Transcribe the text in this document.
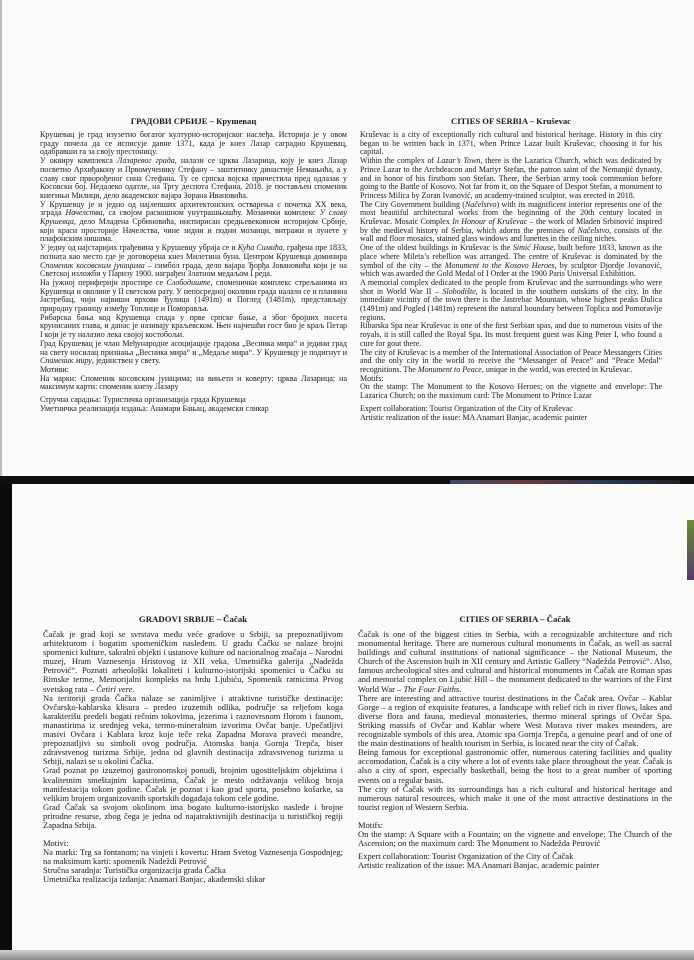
ГРАДОВИ СРБИЈЕ – Крушевац

Крушевац је град изузетно богатог културно-историјског наслеђа. Историја је у овом граду почела да се исписује давне 1371, када је кнез Лазар саградио Крушевац, одабравши га за своју престоницу.

У оквиру комплекса Лазаревог града, налази се црква Лазарица, коју је кнез Лазар посветио Архиђакону и Првомученику Стефану – заштитнику династије Немањића, а у славу свог прворођеног сина Стефана. Ту се српска војска причестила пред одлазак у Косовски бој. Недалеко одатле, на Тргу деспота Стефана, 2018. је постављен споменик кнегињи Милици, дело академског вајара Зорана Ивановића.

У Крушевцу је и једно од најлепших архитектонских остварења с почетка XX века, зграда Начелства, са својом раскошном унутрашњошћу. Мозаички комплекс У славу Крушевца, дело Младена Србиновића, инспирисан средњевековном историјом Србије, који краси просторије Начелства, чине зидни и подни мозаици, витражи и лунете у плафонским нишама.

У једну од најстаријих грађевина у Крушевцу убраја се и Кућа Симића, грађена пре 1833, позната као место где је договорена кнез Милетина буна. Центром Крушевца доминира Споменик косовским јунацима – симбол града, дело вајара Ђорђа Јовановића који је на Светској изложби у Паризу 1900. награђен Златном медаљом I реда.

На јужној периферији простире се Слободиште, споменички комплекс стрељанима из Крушевца и околине у II светском рату. У непосредној околини града налази се и планина Јастребац, чији највиши врхови Ђулица (1491m) и Поглед (1481m), представљају природну границу између Топлице и Поморавља.

Рибарска бања код Крушевца спада у прве српске бање, а због бројних посета крунисаних глава, и данас је називају краљевском. Њен најчешћи гост био је краљ Петар I који је ту налазио лека својој костобољи.

Град Крушевац је члан Међународне асоцијације градова „Весника мира“ и једини град на свету носилац признања „Весника мира“ и „Медаље мира“. У Крушевцу је подигнут и Споменик миру, јединствен у свету.

Мотиви:

На марки: Споменик косовским јунацима; на вињети и коверту: црква Лазарица; на максимум карти: споменик кнезу Лазару

Стручна сарадња: Туристичка организација града Крушевца

Уметничка реализација издања: Анамари Бањац, академски сликар

CITIES OF SERBIA – Kruševac

Kruševac is a city of exceptionally rich cultural and historical heritage. History in this city began to be written back in 1371, when Prince Lazar built Kruševac, choosing it for his capital.

Within the complex of Lazar’s Town, there is the Lazarica Church, which was dedicated by Prince Lazar to the Archdeacon and Martyr Stefan, the patron saint of the Nemanjić dynasty, and in honor of his firstborn son Stefan. There, the Serbian army took communion before going to the Battle of Kosovo. Not far from it, on the Square of Despot Stefan, a monument to Princess Milica by Zoran Ivanović, an academy-trained sculptor, was erected in 2018.

The City Government building (Načelstvo) with its magnificent interior represents one of the most beautiful architectural works from the beginning of the 20th century located in Kruševac. Mosaic Complex In Honour of Kruševac – the work of Mladen Srbinović inspired by the medieval history of Serbia, which adorns the premises of Načelstvo, consists of the wall and floor mosaics, stained glass windows and lunettes in the ceiling niches.

One of the oldest buildings in Kruševac is the Simić House, built before 1833, known as the place where Mileta’s rebellion was arranged. The centre of Kruševac is dominated by the symbol of the city – the Monument to the Kosovo Heroes, by sculptor Djordje Jovanović, which was awarded the Gold Medal of I Order at the 1900 Paris Universal Exhibition.

A memorial complex dedicated to the people from Kruševac and the surroundings who were shot in World War II – Slobodište, is located in the southern outskirts of the city. In the immediate vicinity of the town there is the Jastrebac Mountain, whose highest peaks Đulica (1491m) and Pogled (1481m) represent the natural boundary between Toplica and Pomoravlje regions.

Ribarska Spa near Kruševac is one of the first Serbian spas, and due to numerous visits of the royals, it is still called the Royal Spa. Its most frequent guest was King Peter I, who found a cure for gout there.

The city of Kruševac is a member of the International Association of Peace Messangers Cities and the only city in the world to receive the “Messanger of Peace” and “Peace Medal” recognitions. The Monument to Peace, unique in the world, was erected in Kruševac.

Motifs:

On the stamp: The Monument to the Kosovo Heroes; on the vignette and envelope: The Lazarica Church; on the maximum card: The Monument to Prince Lazar

Expert collaboration: Tourist Organization of the City of Kruševac

Artistic realization of the issue: MA Anamari Banjac, academic painter

GRADOVI SRBIJE – Čačak

Čačak je grad koji se svrstava među veće gradove u Srbiji, sa prepoznatljivom arhitekturom i bogatim spomeničkim nasleđem. U gradu Čačku se nalaze brojni spomenici kulture, sakralni objekti i ustanove kulture od nacionalnog značaja – Narodni muzej, Hram Vaznesenja Hristovog iz XII veka, Umetnička galerija „Nadežda Petrović“. Poznati arheološki lokaliteti i kulturno-istorijski spomenici u Čačku su Rimske terme, Memorijalni kompleks na brdu Ljubiću, Spomenik ratnicima Prvog svetskog rata – Četiri vere.

Na teritoriji grada Čačka nalaze se zanimljive i atraktivne turističke destinacije: Ovčarsko-kablarska klisura – predeo izuzetnih odlika, područje sa reljefom koga karakterišu predeli bogati rečnim tokovima, jezerima i raznovrsnom florom i faunom, manastirima iz srednjeg veka, termo-mineralnim izvorima Ovčar banje. Upečatljivi masivi Ovčara i Kablara kroz koje teče reka Zapadna Morava praveći meandre, prepoznatljivi su simboli ovog područja. Atomska banja Gornja Trepča, biser zdravstvenog turizma Srbije, jedna od glavnih destinacija zdravstvenog turizma u Srbiji, nalazi se u okolini Čačka.

Grad poznat po izuzetnoj gastronomskoj ponudi, brojnim ugostiteljskim objektima i kvalitetnim smeštajnim kapacitetima, Čačak je mesto održavanja velikog broja manifestacija tokom godine. Čačak je poznat i kao grad sporta, posebno košarke, sa velikim brojem organizovanih sportskih događaja tokom cele godine.

Grad Čačak sa svojom okolinom ima bogato kulturno-istorijsko nasleđe i brojne prirodne resurse, zbog čega je jedna od najatraktivnijih destinacija u turističkoj regiji Zapadna Srbija.

Motivi:

Na marki: Trg sa fontanom; na vinjeti i kovertu: Hram Svetog Vaznesenja Gospodnjeg; na maksimum karti: spomenik Nadeždi Petrović

Stručna saradnja: Turistička organizacija grada Čačka

Umetnička realizacija izdanja: Anamari Banjac, akademski slikar

CITIES OF SERBIA – Čačak

Čačak is one of the biggest cities in Serbia, with a recognizable architecture and rich monumental heritage. There are numerous cultural monuments in Čačak, as well as sacral buildings and cultural institutions of national significance – the National Museum, the Church of the Ascension built in XII century and Artistic Gallery “Nadežda Petrović“. Also, famous archeological sites and cultural and historical monuments in Čačak are Roman spas and memorial complex on Ljubić Hill – the monument dedicated to the warriors of the First World War – The Four Faiths.

There are interesting and attractive tourist destinations in the Čačak area. Ovčar – Kablar Gorge – a region of exquisite features, a landscape with relief rich in river flows, lakes and diverse flora and fauna, medieval monasteries, thermo mineral springs of Ovčar Spa. Striking massifs of Ovčar and Kablar where West Morava river makes meanders, are recognizable symbols of this area. Atomic spa Gornja Trepča, a genuine pearl and of one of the main destinations of health tourism in Serbia, is located near the city of Čačak.

Being famous for exceptional gastronomic offer, numerous catering facilities and quality accomodation, Čačak is a city where a lot of events take place throughout the year. Čačak is also a city of sport, especially basketball, being the host to a great number of sporting events on a regular basis.

The city of Čačak with its surroundings has a rich cultural and historical heritage and numerous natural resources, which make it one of the most attractive destinations in the tourist region of Western Serbia.

Motifs:

On the stamp: A Square with a Fountain; on the vignette and envelope: The Church of the Ascension; on the maximum card: The Monument to Nadežda Petrović

Expert collaboration: Tourist Organization of the City of Čačak

Artistic realization of the issue: MA Anamari Banjac, academic painter
